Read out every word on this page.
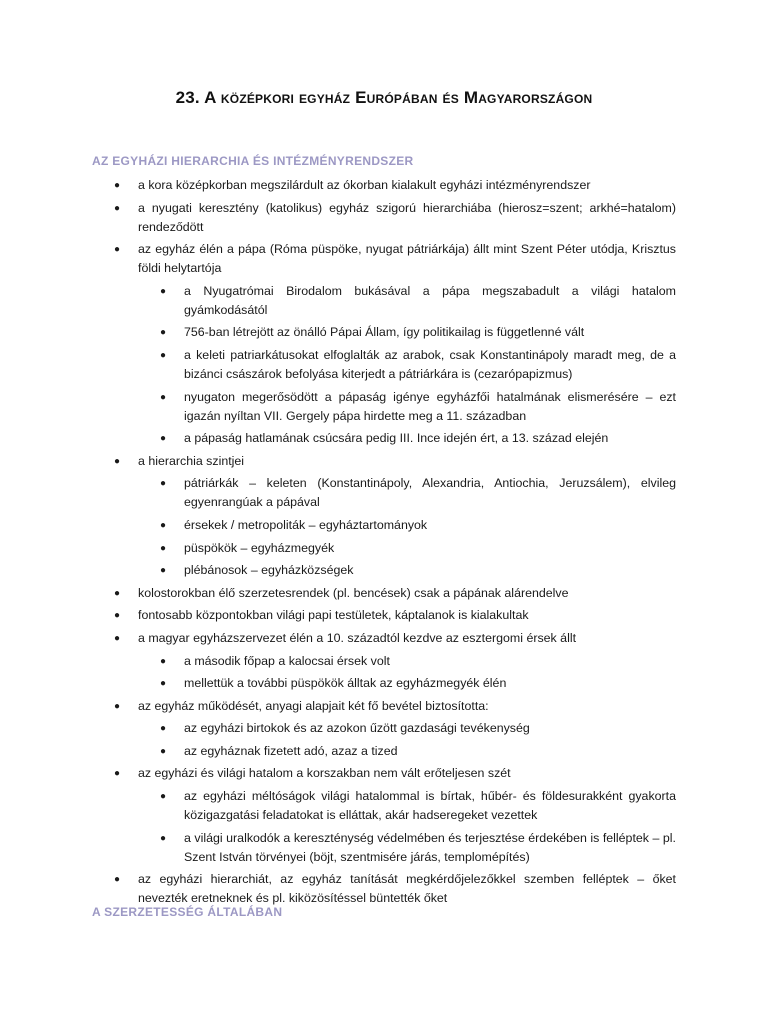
23. A középkori egyház Európában és Magyarországon
AZ EGYHÁZI HIERARCHIA ÉS INTÉZMÉNYRENDSZER
● a kora középkorban megszilárdult az ókorban kialakult egyházi intézményrendszer
● a nyugati keresztény (katolikus) egyház szigorú hierarchiába (hierosz=szent; arkhé=hatalom) rendeződött
● az egyház élén a pápa (Róma püspöke, nyugat pátriárkája) állt mint Szent Péter utódja, Krisztus földi helytartója
● a Nyugatrómai Birodalom bukásával a pápa megszabadult a világi hatalom gyámkodásától
● 756-ban létrejött az önálló Pápai Állam, így politikailag is függetlenné vált
● a keleti patriarkátusokat elfoglalták az arabok, csak Konstantinápoly maradt meg, de a bizánci császárok befolyása kiterjedt a pátriárkára is (cezarópapizmus)
● nyugaton megerősödött a pápaság igénye egyházfői hatalmának elismerésére – ezt igazán nyíltan VII. Gergely pápa hirdette meg a 11. században
● a pápaság hatlamának csúcsára pedig III. Ince idején ért, a 13. század elején
● a hierarchia szintjei
● pátriárkák – keleten (Konstantinápoly, Alexandria, Antiochia, Jeruzsálem), elvileg egyenrangúak a pápával
● érsekek / metropoliták – egyháztartományok
● püspökök – egyházmegyék
● plébánosok – egyházközségek
● kolostorokban élő szerzetesrendek (pl. bencések) csak a pápának alárendelve
● fontosabb központokban világi papi testületek, káptalanok is kialakultak
● a magyar egyházszervezet élén a 10. századtól kezdve az esztergomi érsek állt
● a második főpap a kalocsai érsek volt
● mellettük a további püspökök álltak az egyházmegyék élén
● az egyház működését, anyagi alapjait két fő bevétel biztosította:
● az egyházi birtokok és az azokon űzött gazdasági tevékenység
● az egyháznak fizetett adó, azaz a tized
● az egyházi és világi hatalom a korszakban nem vált erőteljesen szét
● az egyházi méltóságok világi hatalommal is bírtak, hűbér- és földesurakként gyakorta közigazgatási feladatokat is elláttak, akár hadseregeket vezettek
● a világi uralkodók a kereszténység védelmében és terjesztése érdekében is felléptek – pl. Szent István törvényei (böjt, szentmisére járás, templomépítés)
● az egyházi hierarchiát, az egyház tanítását megkérdőjelezőkkel szemben felléptek – őket nevezték eretneknek és pl. kiközösítéssel büntették őket
A SZERZETESSÉG ÁLTALÁBAN
